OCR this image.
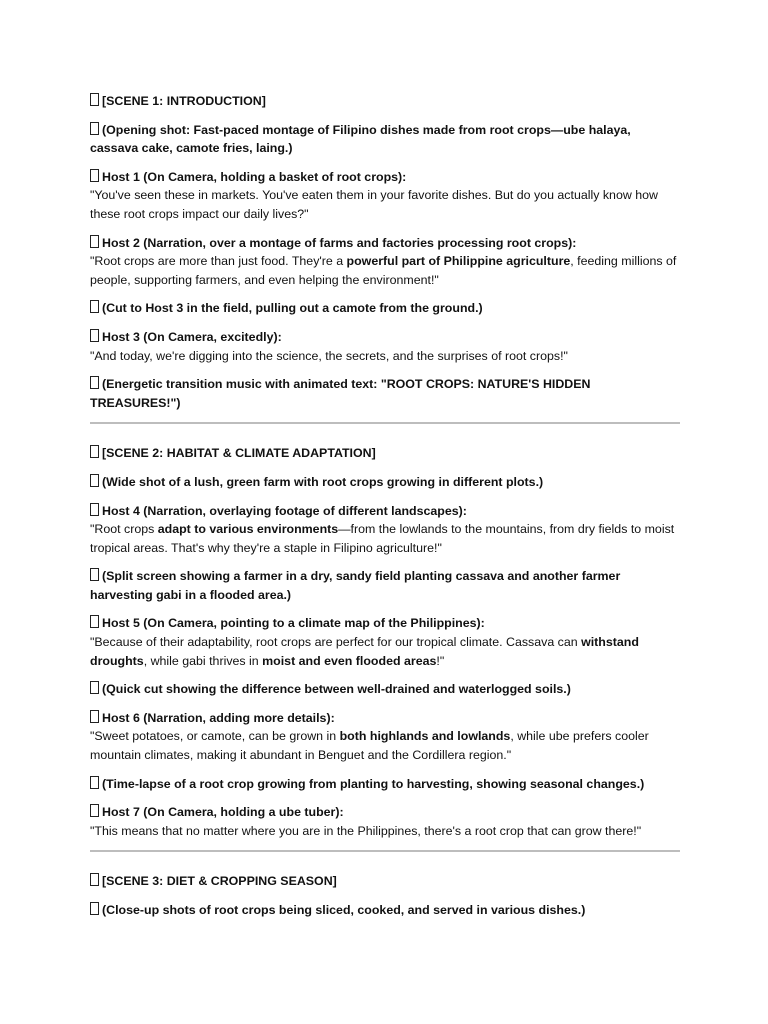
[SCENE 1: INTRODUCTION]

(Opening shot: Fast-paced montage of Filipino dishes made from root crops—ube halaya, cassava cake, camote fries, laing.)

Host 1 (On Camera, holding a basket of root crops):
"You've seen these in markets. You've eaten them in your favorite dishes. But do you actually know how these root crops impact our daily lives?"
Host 2 (Narration, over a montage of farms and factories processing root crops):
"Root crops are more than just food. They're a powerful part of Philippine agriculture, feeding millions of people, supporting farmers, and even helping the environment!"

(Cut to Host 3 in the field, pulling out a camote from the ground.)

Host 3 (On Camera, excitedly):
"And today, we're digging into the science, the secrets, and the surprises of root crops!"

(Energetic transition music with animated text: "ROOT CROPS: NATURE'S HIDDEN TREASURES!")

[SCENE 2: HABITAT & CLIMATE ADAPTATION]

(Wide shot of a lush, green farm with root crops growing in different plots.)

Host 4 (Narration, overlaying footage of different landscapes):
"Root crops adapt to various environments—from the lowlands to the mountains, from dry fields to moist tropical areas. That's why they're a staple in Filipino agriculture!"

(Split screen showing a farmer in a dry, sandy field planting cassava and another farmer harvesting gabi in a flooded area.)

Host 5 (On Camera, pointing to a climate map of the Philippines):
"Because of their adaptability, root crops are perfect for our tropical climate. Cassava can withstand droughts, while gabi thrives in moist and even flooded areas!"

(Quick cut showing the difference between well-drained and waterlogged soils.)

Host 6 (Narration, adding more details):
"Sweet potatoes, or camote, can be grown in both highlands and lowlands, while ube prefers cooler mountain climates, making it abundant in Benguet and the Cordillera region."

(Time-lapse of a root crop growing from planting to harvesting, showing seasonal changes.)

Host 7 (On Camera, holding a ube tuber):
"This means that no matter where you are in the Philippines, there's a root crop that can grow there!"

[SCENE 3: DIET & CROPPING SEASON]

(Close-up shots of root crops being sliced, cooked, and served in various dishes.)
